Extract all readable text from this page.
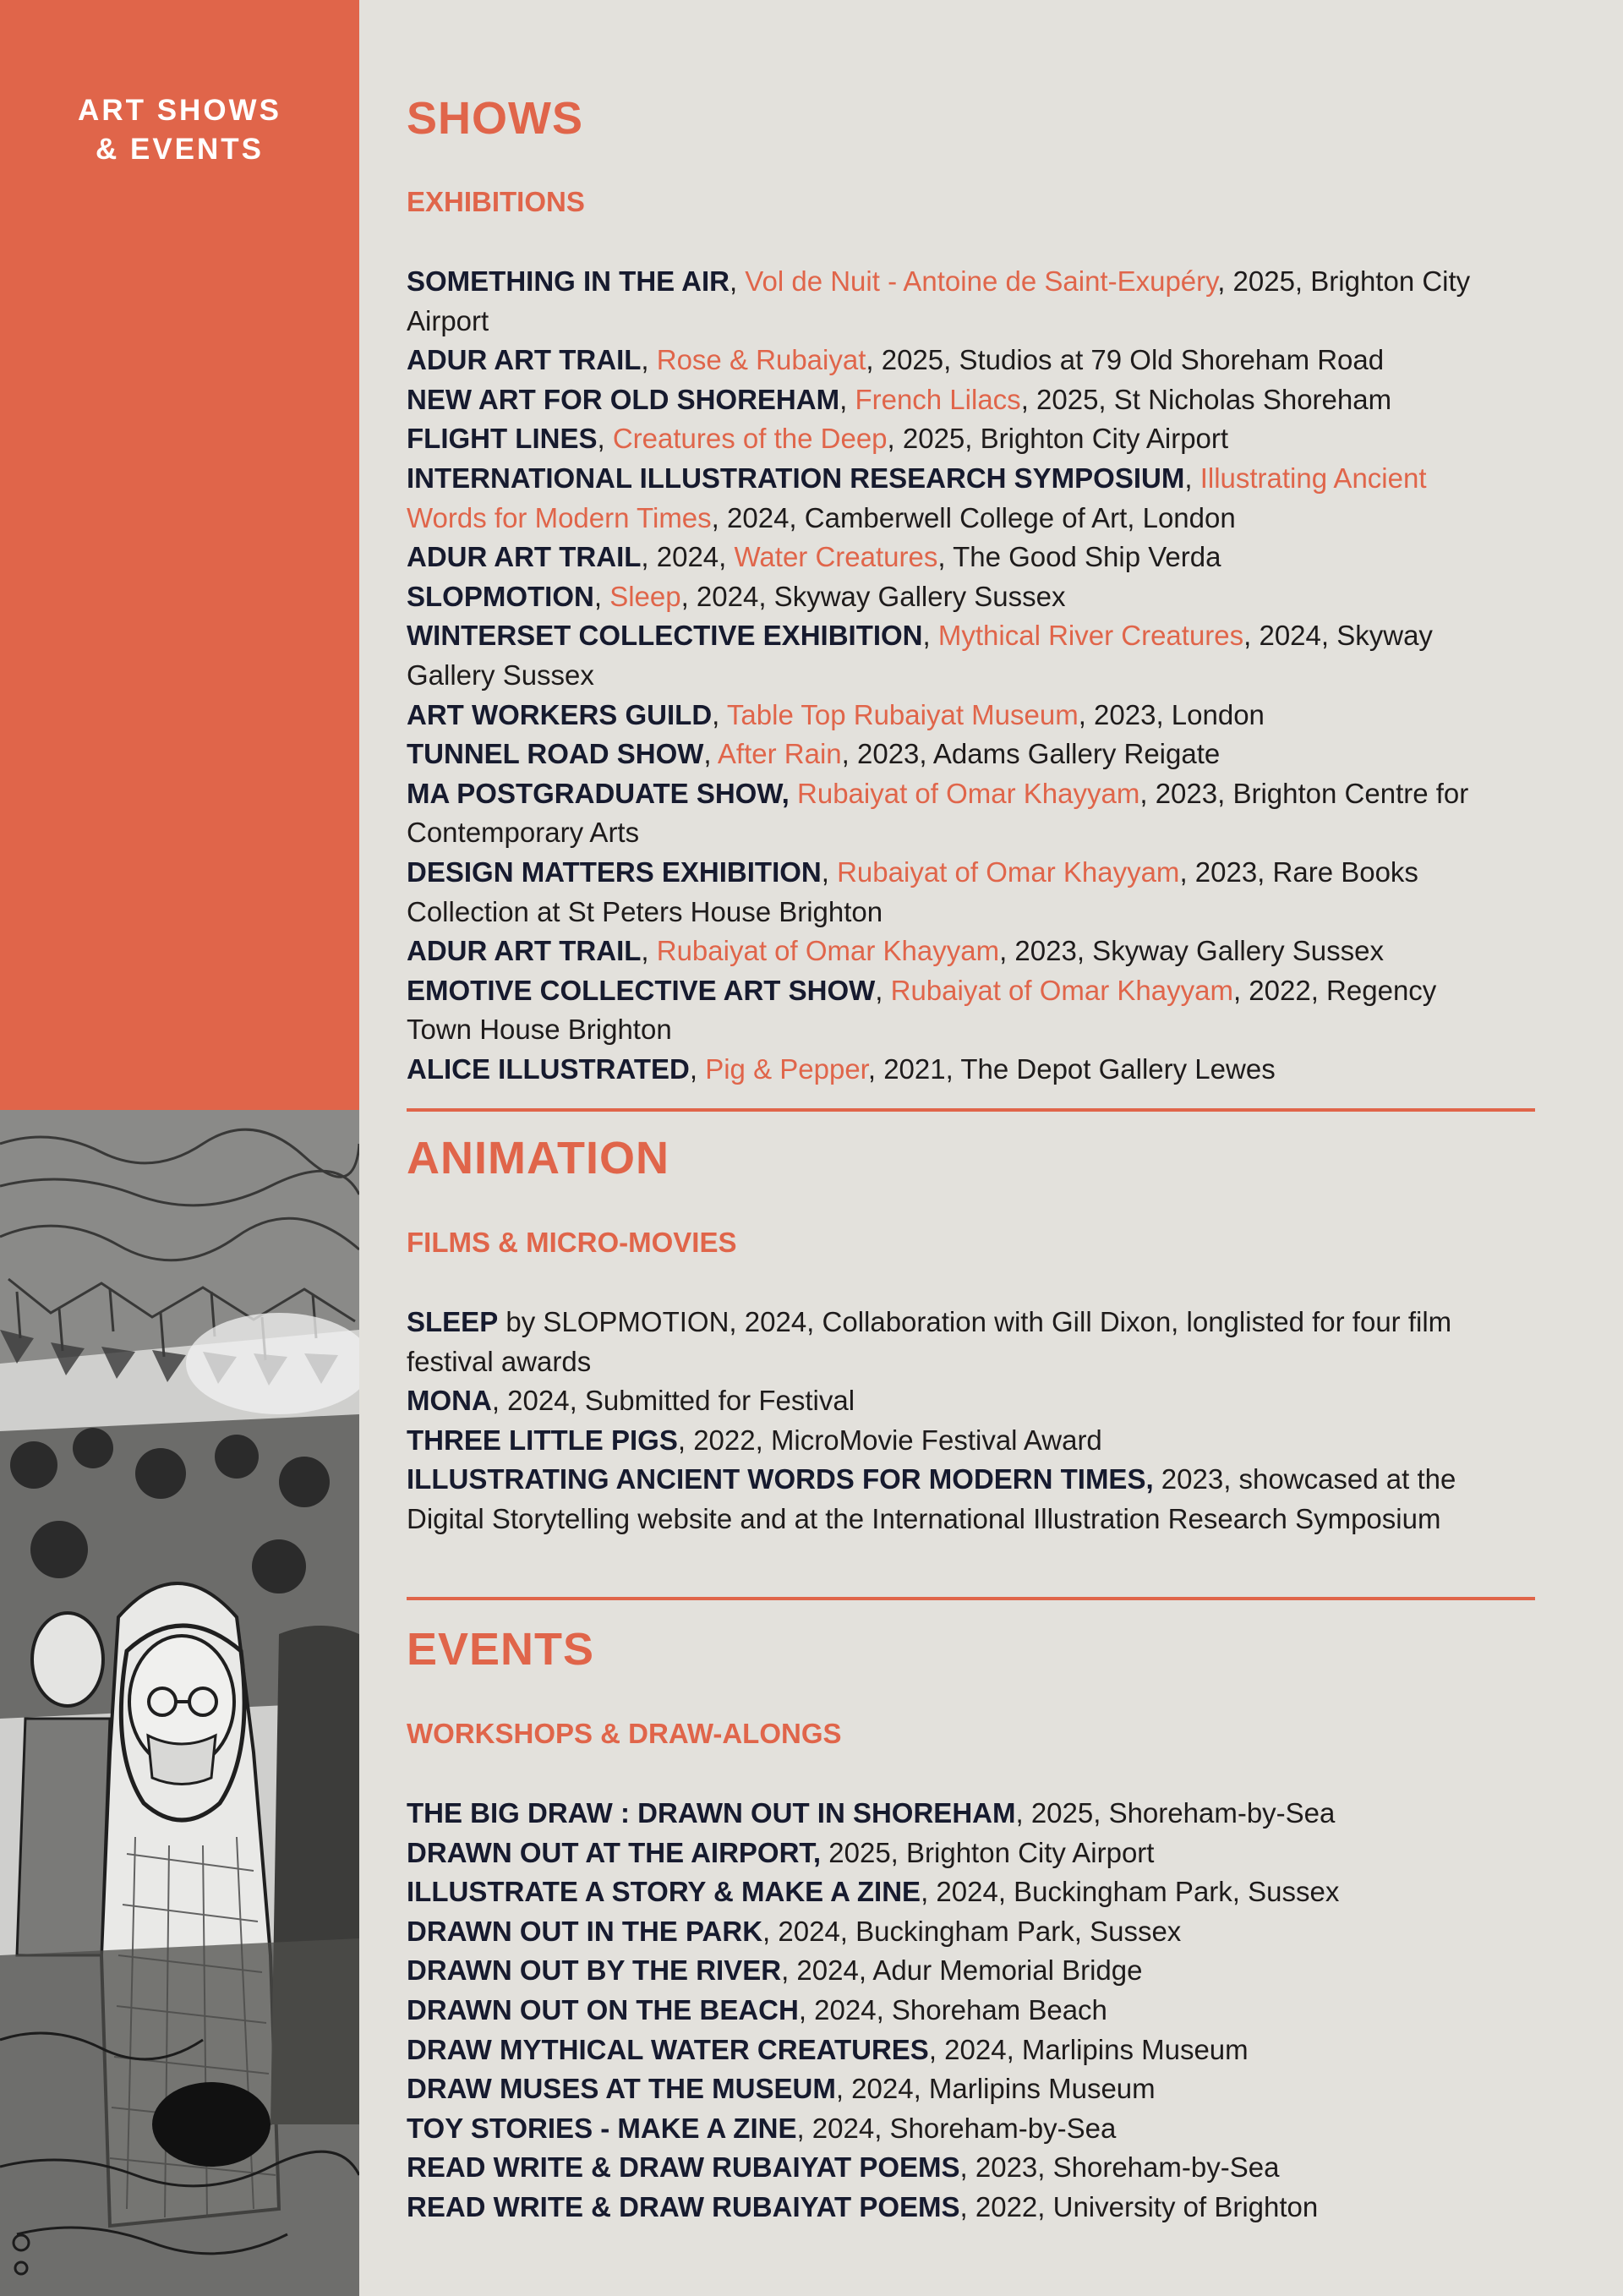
ART SHOWS
& EVENTS
SHOWS
EXHIBITIONS

SOMETHING IN THE AIR, Vol de Nuit - Antoine de Saint-Exupéry, 2025, Brighton City Airport

ADUR ART TRAIL, Rose & Rubaiyat, 2025, Studios at 79 Old Shoreham Road

NEW ART FOR OLD SHOREHAM, French Lilacs, 2025, St Nicholas Shoreham

FLIGHT LINES, Creatures of the Deep, 2025, Brighton City Airport

INTERNATIONAL ILLUSTRATION RESEARCH SYMPOSIUM, Illustrating Ancient Words for Modern Times, 2024, Camberwell College of Art, London

ADUR ART TRAIL, 2024, Water Creatures, The Good Ship Verda

SLOPMOTION, Sleep, 2024, Skyway Gallery Sussex

WINTERSET COLLECTIVE EXHIBITION, Mythical River Creatures, 2024, Skyway Gallery Sussex

ART WORKERS GUILD, Table Top Rubaiyat Museum, 2023, London

TUNNEL ROAD SHOW, After Rain, 2023, Adams Gallery Reigate

MA POSTGRADUATE SHOW, Rubaiyat of Omar Khayyam, 2023, Brighton Centre for Contemporary Arts

DESIGN MATTERS EXHIBITION, Rubaiyat of Omar Khayyam, 2023, Rare Books Collection at St Peters House Brighton

ADUR ART TRAIL, Rubaiyat of Omar Khayyam, 2023, Skyway Gallery Sussex

EMOTIVE COLLECTIVE ART SHOW, Rubaiyat of Omar Khayyam, 2022, Regency Town House Brighton

ALICE ILLUSTRATED, Pig & Pepper, 2021, The Depot Gallery Lewes

ANIMATION
FILMS & MICRO-MOVIES

SLEEP by SLOPMOTION, 2024, Collaboration with Gill Dixon, longlisted for four film festival awards

MONA, 2024, Submitted for Festival

THREE LITTLE PIGS, 2022, MicroMovie Festival Award

ILLUSTRATING ANCIENT WORDS FOR MODERN TIMES, 2023, showcased at the Digital Storytelling website and at the International Illustration Research Symposium

EVENTS
WORKSHOPS & DRAW-ALONGS

THE BIG DRAW : DRAWN OUT IN SHOREHAM, 2025, Shoreham-by-Sea

DRAWN OUT AT THE AIRPORT, 2025, Brighton City Airport

ILLUSTRATE A STORY & MAKE A ZINE, 2024, Buckingham Park, Sussex

DRAWN OUT IN THE PARK, 2024, Buckingham Park, Sussex

DRAWN OUT BY THE RIVER, 2024, Adur Memorial Bridge

DRAWN OUT ON THE BEACH, 2024, Shoreham Beach

DRAW MYTHICAL WATER CREATURES, 2024, Marlipins Museum

DRAW MUSES AT THE MUSEUM, 2024, Marlipins Museum

TOY STORIES - MAKE A ZINE, 2024, Shoreham-by-Sea

READ WRITE & DRAW RUBAIYAT POEMS, 2023, Shoreham-by-Sea

READ WRITE & DRAW RUBAIYAT POEMS, 2022, University of Brighton
